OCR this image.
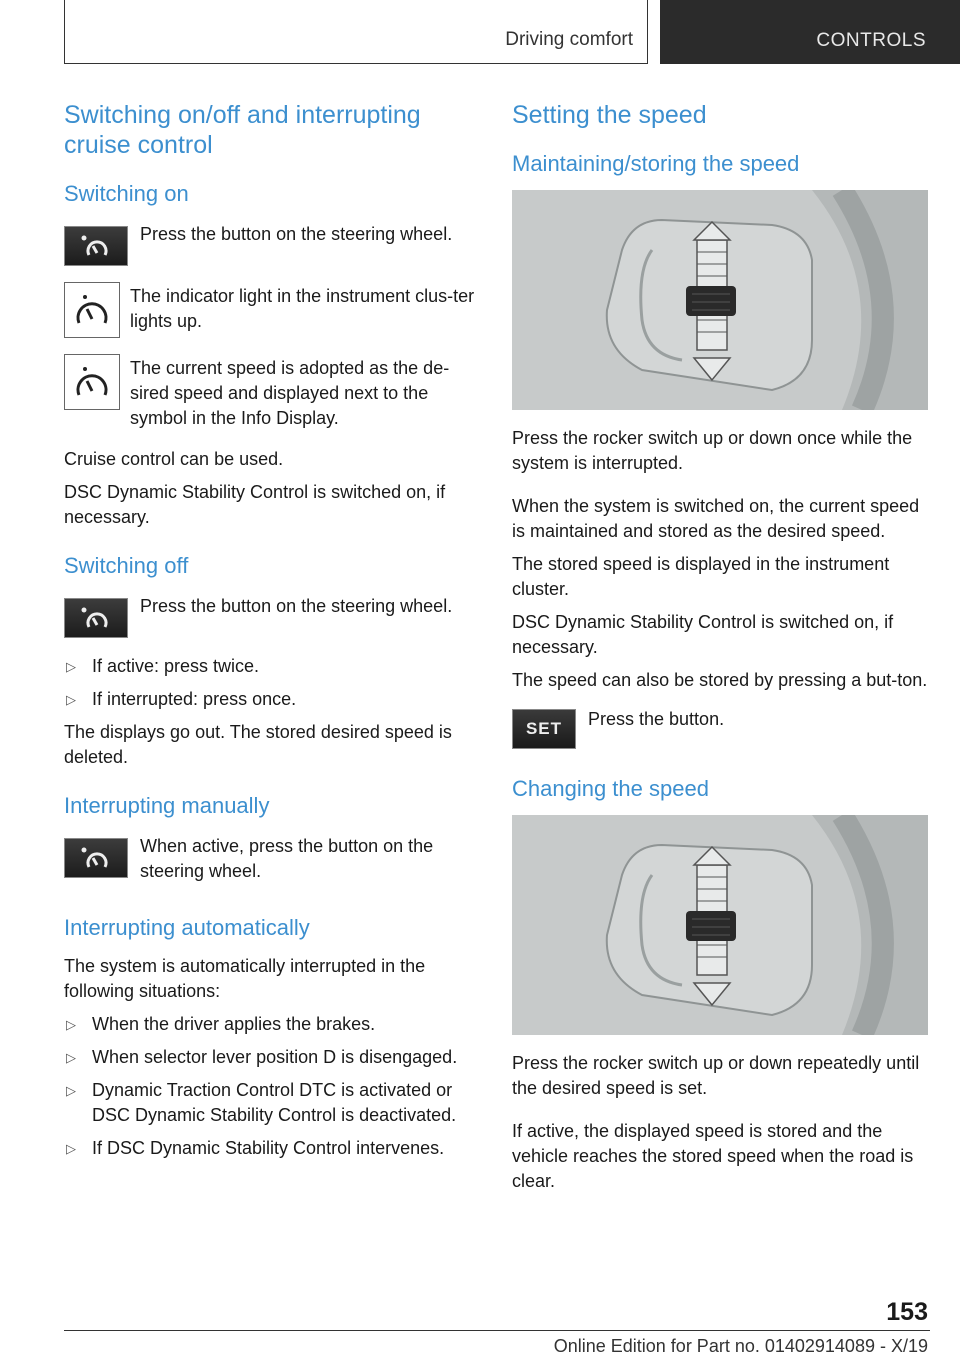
Driving comfort	CONTROLS
Switching on/off and interrupting cruise control
Switching on

Press the button on the steering wheel.

The indicator light in the instrument clus-ter lights up.

The current speed is adopted as the de-sired speed and displayed next to the symbol in the Info Display.

Cruise control can be used.

DSC Dynamic Stability Control is switched on, if necessary.

Switching off

Press the button on the steering wheel.

▷ If active: press twice.
▷ If interrupted: press once.

The displays go out. The stored desired speed is deleted.

Interrupting manually

When active, press the button on the steering wheel.

Interrupting automatically

The system is automatically interrupted in the following situations:

▷ When the driver applies the brakes.
▷ When selector lever position D is disengaged.
▷ Dynamic Traction Control DTC is activated or DSC Dynamic Stability Control is deactivated.
▷ If DSC Dynamic Stability Control intervenes.
Setting the speed
Maintaining/storing the speed

Press the rocker switch up or down once while the system is interrupted.

When the system is switched on, the current speed is maintained and stored as the desired speed.

The stored speed is displayed in the instrument cluster.

DSC Dynamic Stability Control is switched on, if necessary.

The speed can also be stored by pressing a but-ton.

SET	Press the button.

Changing the speed

Press the rocker switch up or down repeatedly until the desired speed is set.

If active, the displayed speed is stored and the vehicle reaches the stored speed when the road is clear.

153
Online Edition for Part no. 01402914089 - X/19
